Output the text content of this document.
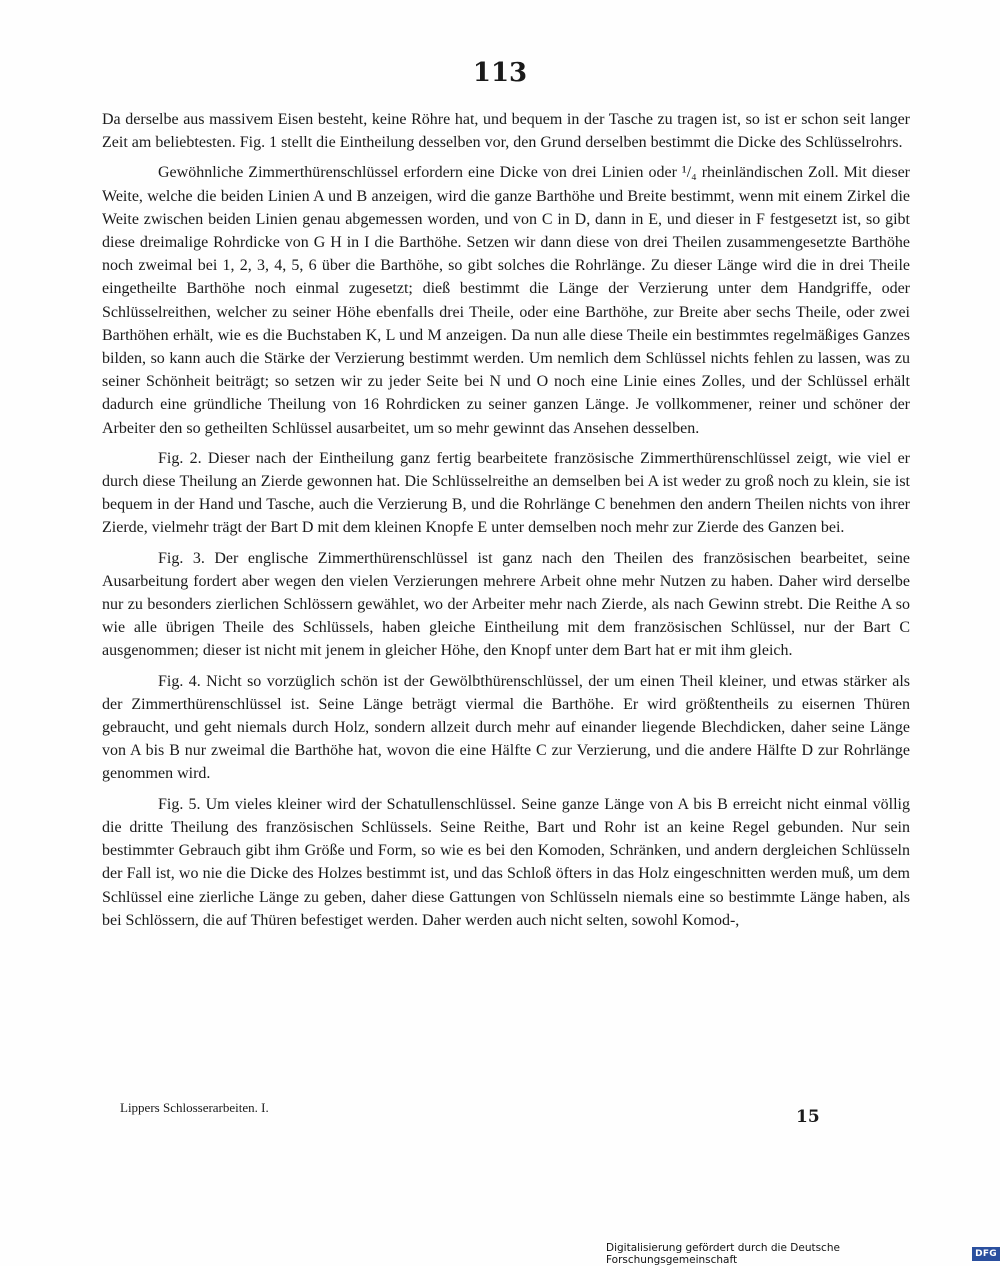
113

Da derselbe aus massivem Eisen besteht, keine Röhre hat, und bequem in der Tasche zu tragen ist, so ist er schon seit langer Zeit am beliebtesten. Fig. 1 stellt die Eintheilung desselben vor, den Grund derselben bestimmt die Dicke des Schlüsselrohrs.

Gewöhnliche Zimmerthürenschlüssel erfordern eine Dicke von drei Linien oder ¹/₄ rheinländischen Zoll. Mit dieser Weite, welche die beiden Linien A und B anzeigen, wird die ganze Barthöhe und Breite bestimmt, wenn mit einem Zirkel die Weite zwischen beiden Linien genau abgemessen worden, und von C in D, dann in E, und dieser in F festgesetzt ist, so gibt diese dreimalige Rohrdicke von G H in I die Barthöhe. Setzen wir dann diese von drei Theilen zusammengesetzte Barthöhe noch zweimal bei 1, 2, 3, 4, 5, 6 über die Barthöhe, so gibt solches die Rohrlänge. Zu dieser Länge wird die in drei Theile eingetheilte Barthöhe noch einmal zugesetzt; dieß bestimmt die Länge der Verzierung unter dem Handgriffe, oder Schlüsselreithen, welcher zu seiner Höhe ebenfalls drei Theile, oder eine Barthöhe, zur Breite aber sechs Theile, oder zwei Barthöhen erhält, wie es die Buchstaben K, L und M anzeigen. Da nun alle diese Theile ein bestimmtes regelmäßiges Ganzes bilden, so kann auch die Stärke der Verzierung bestimmt werden. Um nemlich dem Schlüssel nichts fehlen zu lassen, was zu seiner Schönheit beiträgt; so setzen wir zu jeder Seite bei N und O noch eine Linie eines Zolles, und der Schlüssel erhält dadurch eine gründliche Theilung von 16 Rohrdicken zu seiner ganzen Länge. Je vollkommener, reiner und schöner der Arbeiter den so getheilten Schlüssel ausarbeitet, um so mehr gewinnt das Ansehen desselben.

Fig. 2. Dieser nach der Eintheilung ganz fertig bearbeitete französische Zimmerthürenschlüssel zeigt, wie viel er durch diese Theilung an Zierde gewonnen hat. Die Schlüsselreithe an demselben bei A ist weder zu groß noch zu klein, sie ist bequem in der Hand und Tasche, auch die Verzierung B, und die Rohrlänge C benehmen den andern Theilen nichts von ihrer Zierde, vielmehr trägt der Bart D mit dem kleinen Knopfe E unter demselben noch mehr zur Zierde des Ganzen bei.

Fig. 3. Der englische Zimmerthürenschlüssel ist ganz nach den Theilen des französischen bearbeitet, seine Ausarbeitung fordert aber wegen den vielen Verzierungen mehrere Arbeit ohne mehr Nutzen zu haben. Daher wird derselbe nur zu besonders zierlichen Schlössern gewählet, wo der Arbeiter mehr nach Zierde, als nach Gewinn strebt. Die Reithe A so wie alle übrigen Theile des Schlüssels, haben gleiche Eintheilung mit dem französischen Schlüssel, nur der Bart C ausgenommen; dieser ist nicht mit jenem in gleicher Höhe, den Knopf unter dem Bart hat er mit ihm gleich.

Fig. 4. Nicht so vorzüglich schön ist der Gewölbthürenschlüssel, der um einen Theil kleiner, und etwas stärker als der Zimmerthürenschlüssel ist. Seine Länge beträgt viermal die Barthöhe. Er wird größtentheils zu eisernen Thüren gebraucht, und geht niemals durch Holz, sondern allzeit durch mehr auf einander liegende Blechdicken, daher seine Länge von A bis B nur zweimal die Barthöhe hat, wovon die eine Hälfte C zur Verzierung, und die andere Hälfte D zur Rohrlänge genommen wird.

Fig. 5. Um vieles kleiner wird der Schatullenschlüssel. Seine ganze Länge von A bis B erreicht nicht einmal völlig die dritte Theilung des französischen Schlüssels. Seine Reithe, Bart und Rohr ist an keine Regel gebunden. Nur sein bestimmter Gebrauch gibt ihm Größe und Form, so wie es bei den Komoden, Schränken, und andern dergleichen Schlüsseln der Fall ist, wo nie die Dicke des Holzes bestimmt ist, und das Schloß öfters in das Holz eingeschnitten werden muß, um dem Schlüssel eine zierliche Länge zu geben, daher diese Gattungen von Schlüsseln niemals eine so bestimmte Länge haben, als bei Schlössern, die auf Thüren befestiget werden. Daher werden auch nicht selten, sowohl Komod-,

Lippers Schlosserarbeiten. I.	15
Digitalisierung gefördert durch die Deutsche Forschungsgemeinschaft	DFG
